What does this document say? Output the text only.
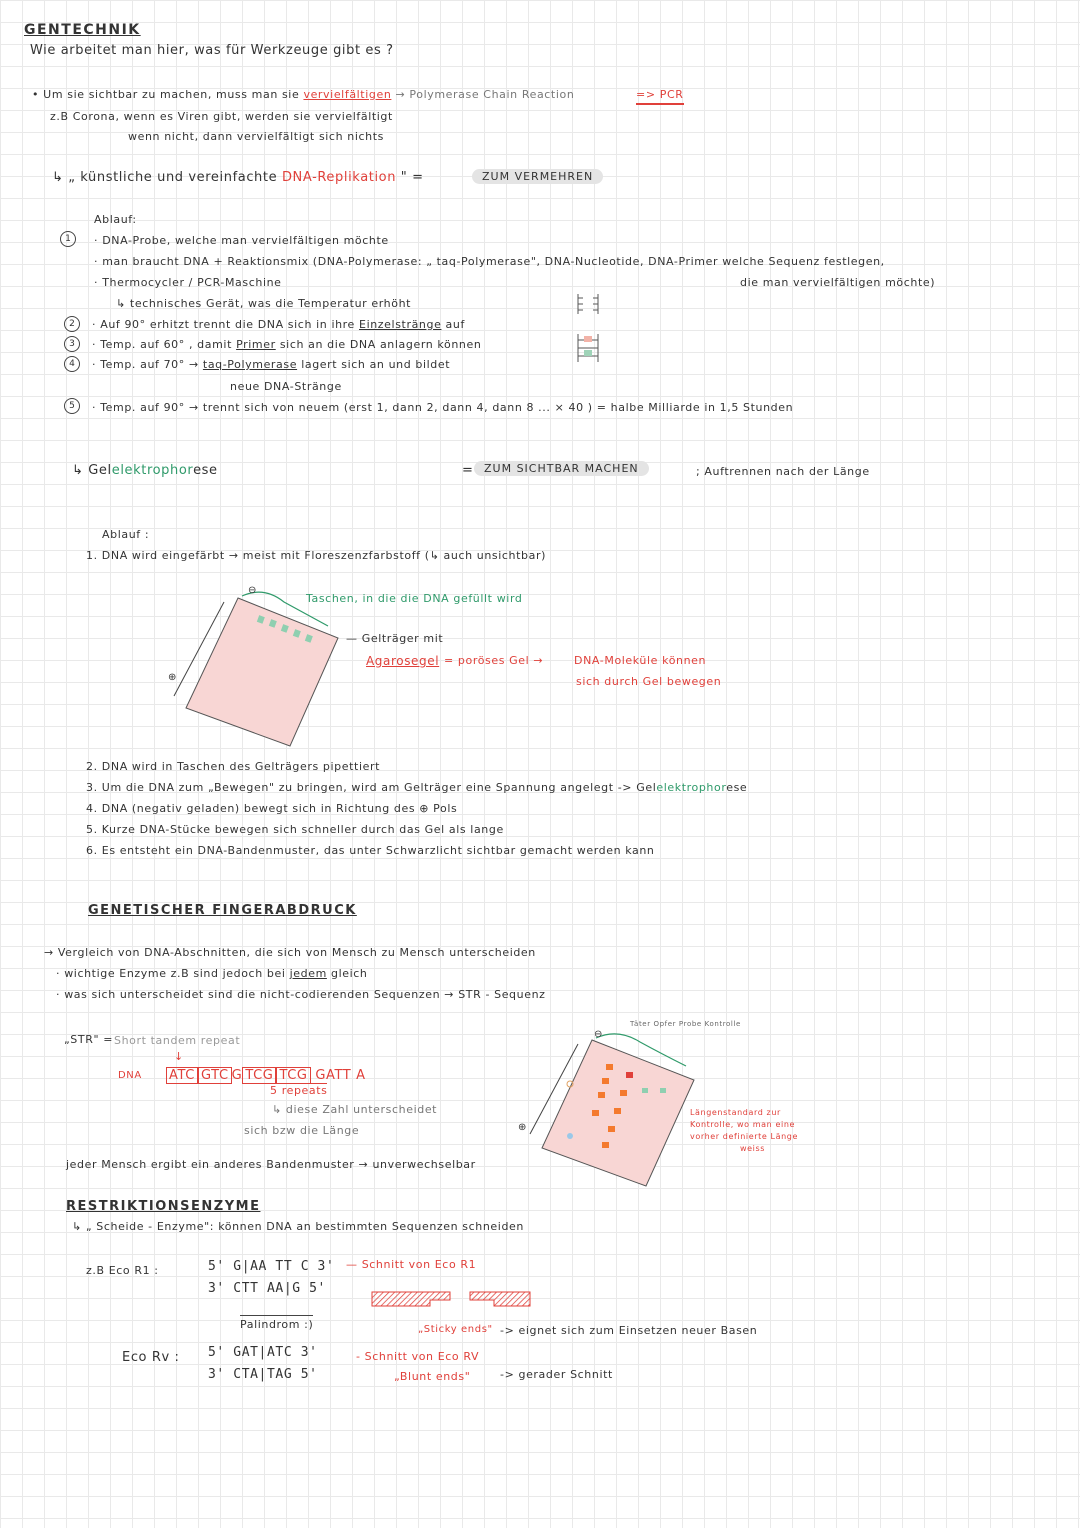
GENTECHNIK
Wie arbeitet man hier, was für Werkzeuge gibt es ?
• Um sie sichtbar zu machen, muss man sie vervielfältigen → Polymerase Chain Reaction	=> PCR
z.B Corona, wenn es Viren gibt, werden sie vervielfältigt
wenn nicht, dann vervielfältigt sich nichts
↳ „ künstliche und vereinfachte DNA-Replikation " =	ZUM VERMEHREN
Ablauf:
1	· DNA-Probe, welche man vervielfältigen möchte
· man braucht DNA + Reaktionsmix (DNA-Polymerase: „ taq-Polymerase", DNA-Nucleotide, DNA-Primer welche Sequenz festlegen,
die man vervielfältigen möchte)
· Thermocycler / PCR-Maschine
↳ technisches Gerät, was die Temperatur erhöht
2	· Auf 90° erhitzt trennt die DNA sich in ihre Einzelstränge auf
3	· Temp. auf 60° , damit Primer sich an die DNA anlagern können
4	· Temp. auf 70° → taq-Polymerase lagert sich an und bildet
neue DNA-Stränge
5	· Temp. auf 90° → trennt sich von neuem (erst 1, dann 2, dann 4, dann 8 ... × 40 ) = halbe Milliarde in 1,5 Stunden
↳ Gelelektrophorese	= ZUM SICHTBAR MACHEN	; Auftrennen nach der Länge
Ablauf :
1. DNA wird eingefärbt → meist mit Floreszenzfarbstoff (↳ auch unsichtbar)
⊖
⊕
Taschen, in die die DNA gefüllt wird
— Gelträger mit
Agarosegel = poröses Gel →	DNA-Moleküle können
sich durch Gel bewegen
2. DNA wird in Taschen des Gelträgers pipettiert
3. Um die DNA zum „Bewegen" zu bringen, wird am Gelträger eine Spannung angelegt -> Gelelektrophorese
4. DNA (negativ geladen) bewegt sich in Richtung des ⊕ Pols
5. Kurze DNA-Stücke bewegen sich schneller durch das Gel als lange
6. Es entsteht ein DNA-Bandenmuster, das unter Schwarzlicht sichtbar gemacht werden kann
GENETISCHER FINGERABDRUCK
→ Vergleich von DNA-Abschnitten, die sich von Mensch zu Mensch unterscheiden
· wichtige Enzyme z.B sind jedoch bei jedem gleich
· was sich unterscheidet sind die nicht-codierenden Sequenzen → STR - Sequenz
„STR" = Short tandem repeat
↓
DNA ATC GTC G TCG TCG GATT A
5 repeats
↳ diese Zahl unterscheidet
sich bzw die Länge
jeder Mensch ergibt ein anderes Bandenmuster → unverwechselbar
⊖
⊕
Täter Opfer Probe Kontrolle
Längenstandard zur
Kontrolle, wo man eine
vorher definierte Länge
weiss
RESTRIKTIONSENZYME
↳ „ Scheide - Enzyme": können DNA an bestimmten Sequenzen schneiden
z.B Eco R1 :	5' G|AA TT C 3'
3' CTT AA|G 5'
Palindrom :)
— Schnitt von Eco R1
„Sticky ends" -> eignet sich zum Einsetzen neuer Basen
Eco Rv : 5' GAT|ATC 3'
3' CTA|TAG 5'
- Schnitt von Eco RV
„Blunt ends"	-> gerader Schnitt
